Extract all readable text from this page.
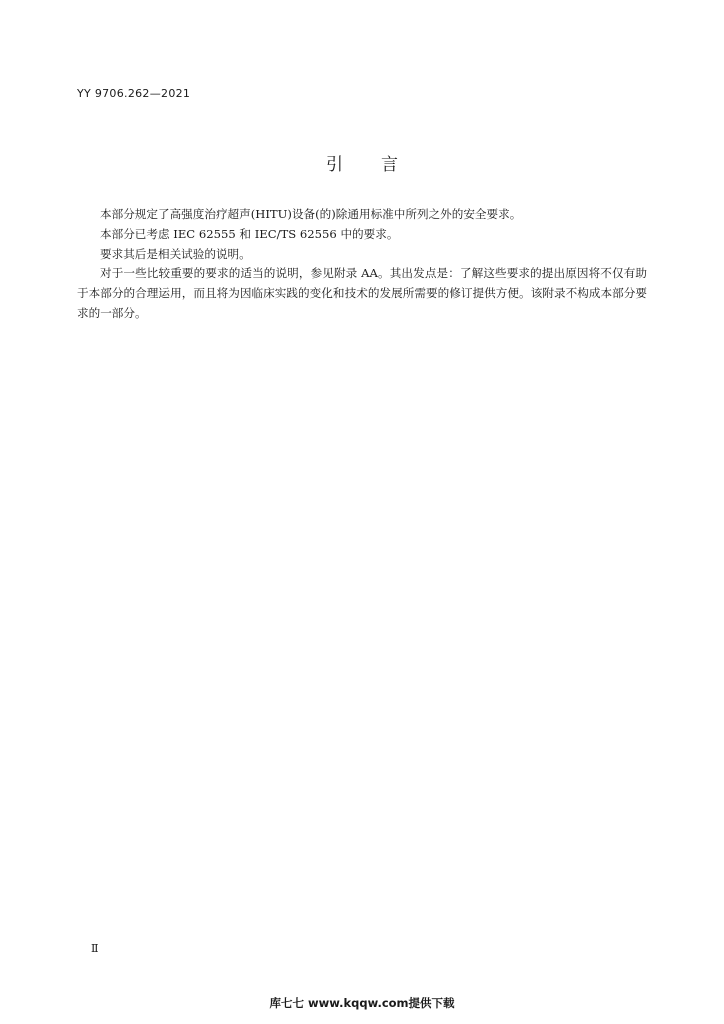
YY 9706.262—2021
引言

本部分规定了高强度治疗超声(HITU)设备(的)除通用标准中所列之外的安全要求。

本部分已考虑 IEC 62555 和 IEC/TS 62556 中的要求。

要求其后是相关试验的说明。

对于一些比较重要的要求的适当的说明，参见附录 AA。其出发点是：了解这些要求的提出原因将不仅有助于本部分的合理运用，而且将为因临床实践的变化和技术的发展所需要的修订提供方便。该附录不构成本部分要求的一部分。

Ⅱ
库七七 www.kqqw.com提供下载
